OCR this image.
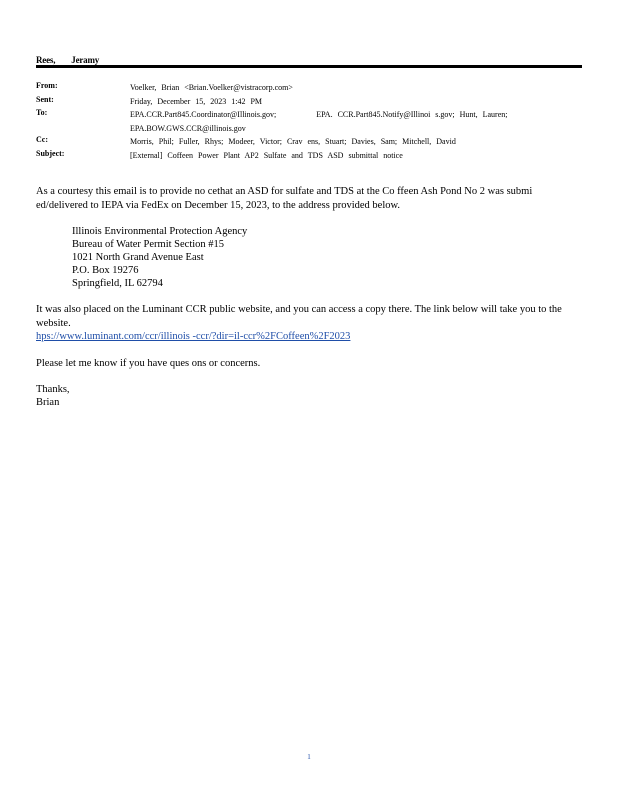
Rees, Jeramy
From:	Voelker, Brian <Brian.Voelker@vistracorp.com>
Sent:	Friday, December 15, 2023 1:42 PM
To:	EPA.CCR.Part845.Coordinator@Illinois.gov;	EPA. CCR.Part845.Notify@Illinoi s.gov; Hunt, Lauren;
EPA.BOW.GWS.CCR@illinois.gov
Cc:	Morris, Phil; Fuller, Rhys; Modeer, Victor; Crav ens, Stuart; Davies, Sam; Mitchell, David
Subject:	[External] Coffeen Power Plant AP2 Sulfate and TDS ASD submittal notice

As a courtesy this email is to provide no cethat an ASD for sulfate and TDS at the Co ffeen Ash Pond No 2 was submi ed/delivered to IEPA via FedEx on December 15, 2023, to the address provided below.

Illinois Environmental Protection Agency
Bureau of Water Permit Section #15
1021 North Grand Avenue East
P.O. Box 19276
Springfield, IL 62794

It was also placed on the Luminant CCR public website, and you can access a copy there. The link below will take you to the website.
hps://www.luminant.com/ccr/illinois -ccr/?dir=il-ccr%2FCoffeen%2F2023

Please let me know if you have ques ons or concerns.

Thanks,
Brian
1
